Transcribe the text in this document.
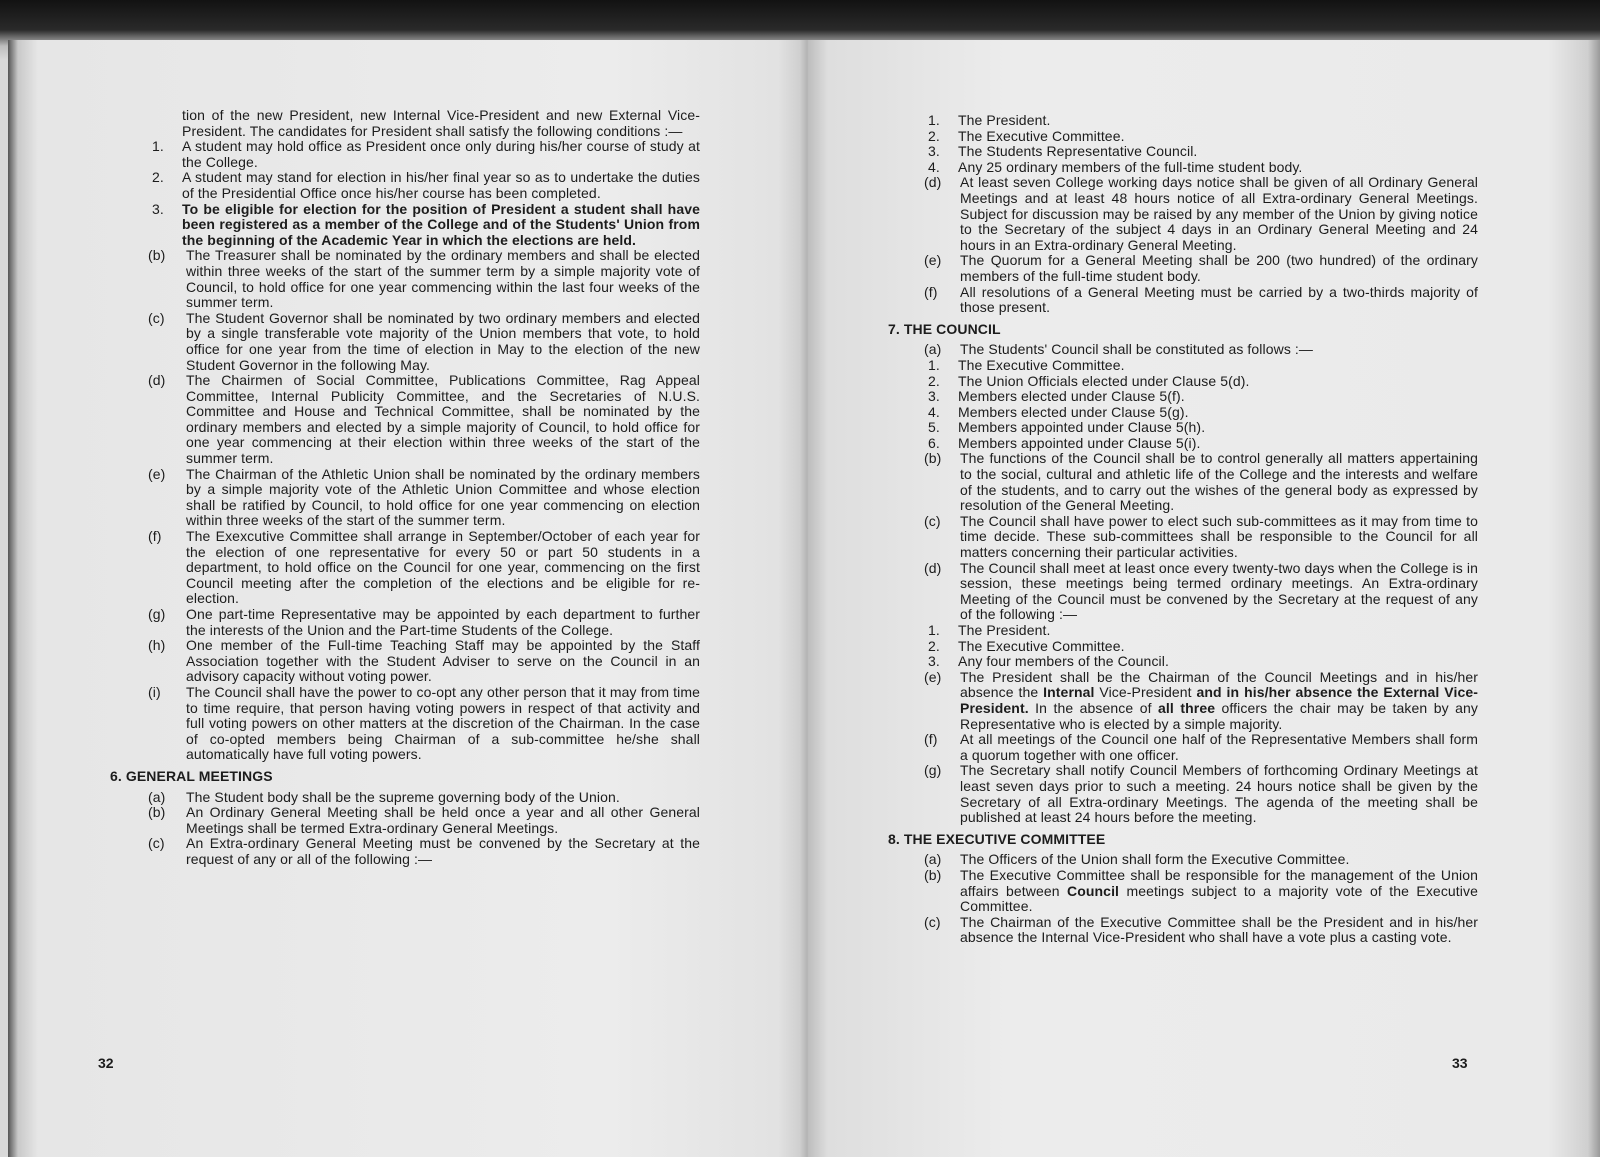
tion of the new President, new Internal Vice-President and new External Vice-President. The candidates for President shall satisfy the following conditions :—

1.	A student may hold office as President once only during his/her course of study at the College.
2.	A student may stand for election in his/her final year so as to undertake the duties of the Presidential Office once his/her course has been completed.
3.	To be eligible for election for the position of President a student shall have been registered as a member of the College and of the Students' Union from the beginning of the Academic Year in which the elections are held.
(b)	The Treasurer shall be nominated by the ordinary members and shall be elected within three weeks of the start of the summer term by a simple majority vote of Council, to hold office for one year commencing within the last four weeks of the summer term.
(c)	The Student Governor shall be nominated by two ordinary members and elected by a single transferable vote majority of the Union members that vote, to hold office for one year from the time of election in May to the election of the new Student Governor in the following May.
(d)	The Chairmen of Social Committee, Publications Committee, Rag Appeal Committee, Internal Publicity Committee, and the Secretaries of N.U.S. Committee and House and Technical Committee, shall be nominated by the ordinary members and elected by a simple majority of Council, to hold office for one year commencing at their election within three weeks of the start of the summer term.
(e)	The Chairman of the Athletic Union shall be nominated by the ordinary members by a simple majority vote of the Athletic Union Committee and whose election shall be ratified by Council, to hold office for one year commencing on election within three weeks of the start of the summer term.
(f)	The Exexcutive Committee shall arrange in September/October of each year for the election of one representative for every 50 or part 50 students in a department, to hold office on the Council for one year, commencing on the first Council meeting after the completion of the elections and be eligible for re-election.
(g)	One part-time Representative may be appointed by each department to further the interests of the Union and the Part-time Students of the College.
(h)	One member of the Full-time Teaching Staff may be appointed by the Staff Association together with the Student Adviser to serve on the Council in an advisory capacity without voting power.
(i)	The Council shall have the power to co-opt any other person that it may from time to time require, that person having voting powers in respect of that activity and full voting powers on other matters at the discretion of the Chairman. In the case of co-opted members being Chairman of a sub-committee he/she shall automatically have full voting powers.
6. GENERAL MEETINGS
(a)	The Student body shall be the supreme governing body of the Union.
(b)	An Ordinary General Meeting shall be held once a year and all other General Meetings shall be termed Extra-ordinary General Meetings.
(c)	An Extra-ordinary General Meeting must be convened by the Secretary at the request of any or all of the following :—
32
1.	The President.
2.	The Executive Committee.
3.	The Students Representative Council.
4.	Any 25 ordinary members of the full-time student body.
(d)	At least seven College working days notice shall be given of all Ordinary General Meetings and at least 48 hours notice of all Extra-ordinary General Meetings. Subject for discussion may be raised by any member of the Union by giving notice to the Secretary of the subject 4 days in an Ordinary General Meeting and 24 hours in an Extra-ordinary General Meeting.
(e)	The Quorum for a General Meeting shall be 200 (two hundred) of the ordinary members of the full-time student body.
(f)	All resolutions of a General Meeting must be carried by a two-thirds majority of those present.
7. THE COUNCIL
(a)	The Students' Council shall be constituted as follows :—
1.	The Executive Committee.
2.	The Union Officials elected under Clause 5(d).
3.	Members elected under Clause 5(f).
4.	Members elected under Clause 5(g).
5.	Members appointed under Clause 5(h).
6.	Members appointed under Clause 5(i).
(b)	The functions of the Council shall be to control generally all matters appertaining to the social, cultural and athletic life of the College and the interests and welfare of the students, and to carry out the wishes of the general body as expressed by resolution of the General Meeting.
(c)	The Council shall have power to elect such sub-committees as it may from time to time decide. These sub-committees shall be responsible to the Council for all matters concerning their particular activities.
(d)	The Council shall meet at least once every twenty-two days when the College is in session, these meetings being termed ordinary meetings. An Extra-ordinary Meeting of the Council must be convened by the Secretary at the request of any of the following :—
1.	The President.
2.	The Executive Committee.
3.	Any four members of the Council.
(e)	The President shall be the Chairman of the Council Meetings and in his/her absence the Internal Vice-President and in his/her absence the External Vice-President. In the absence of all three officers the chair may be taken by any Representative who is elected by a simple majority.
(f)	At all meetings of the Council one half of the Representative Members shall form a quorum together with one officer.
(g)	The Secretary shall notify Council Members of forthcoming Ordinary Meetings at least seven days prior to such a meeting. 24 hours notice shall be given by the Secretary of all Extra-ordinary Meetings. The agenda of the meeting shall be published at least 24 hours before the meeting.
8. THE EXECUTIVE COMMITTEE
(a)	The Officers of the Union shall form the Executive Committee.
(b)	The Executive Committee shall be responsible for the management of the Union affairs between Council meetings subject to a majority vote of the Executive Committee.
(c)	The Chairman of the Executive Committee shall be the President and in his/her absence the Internal Vice-President who shall have a vote plus a casting vote.
33
